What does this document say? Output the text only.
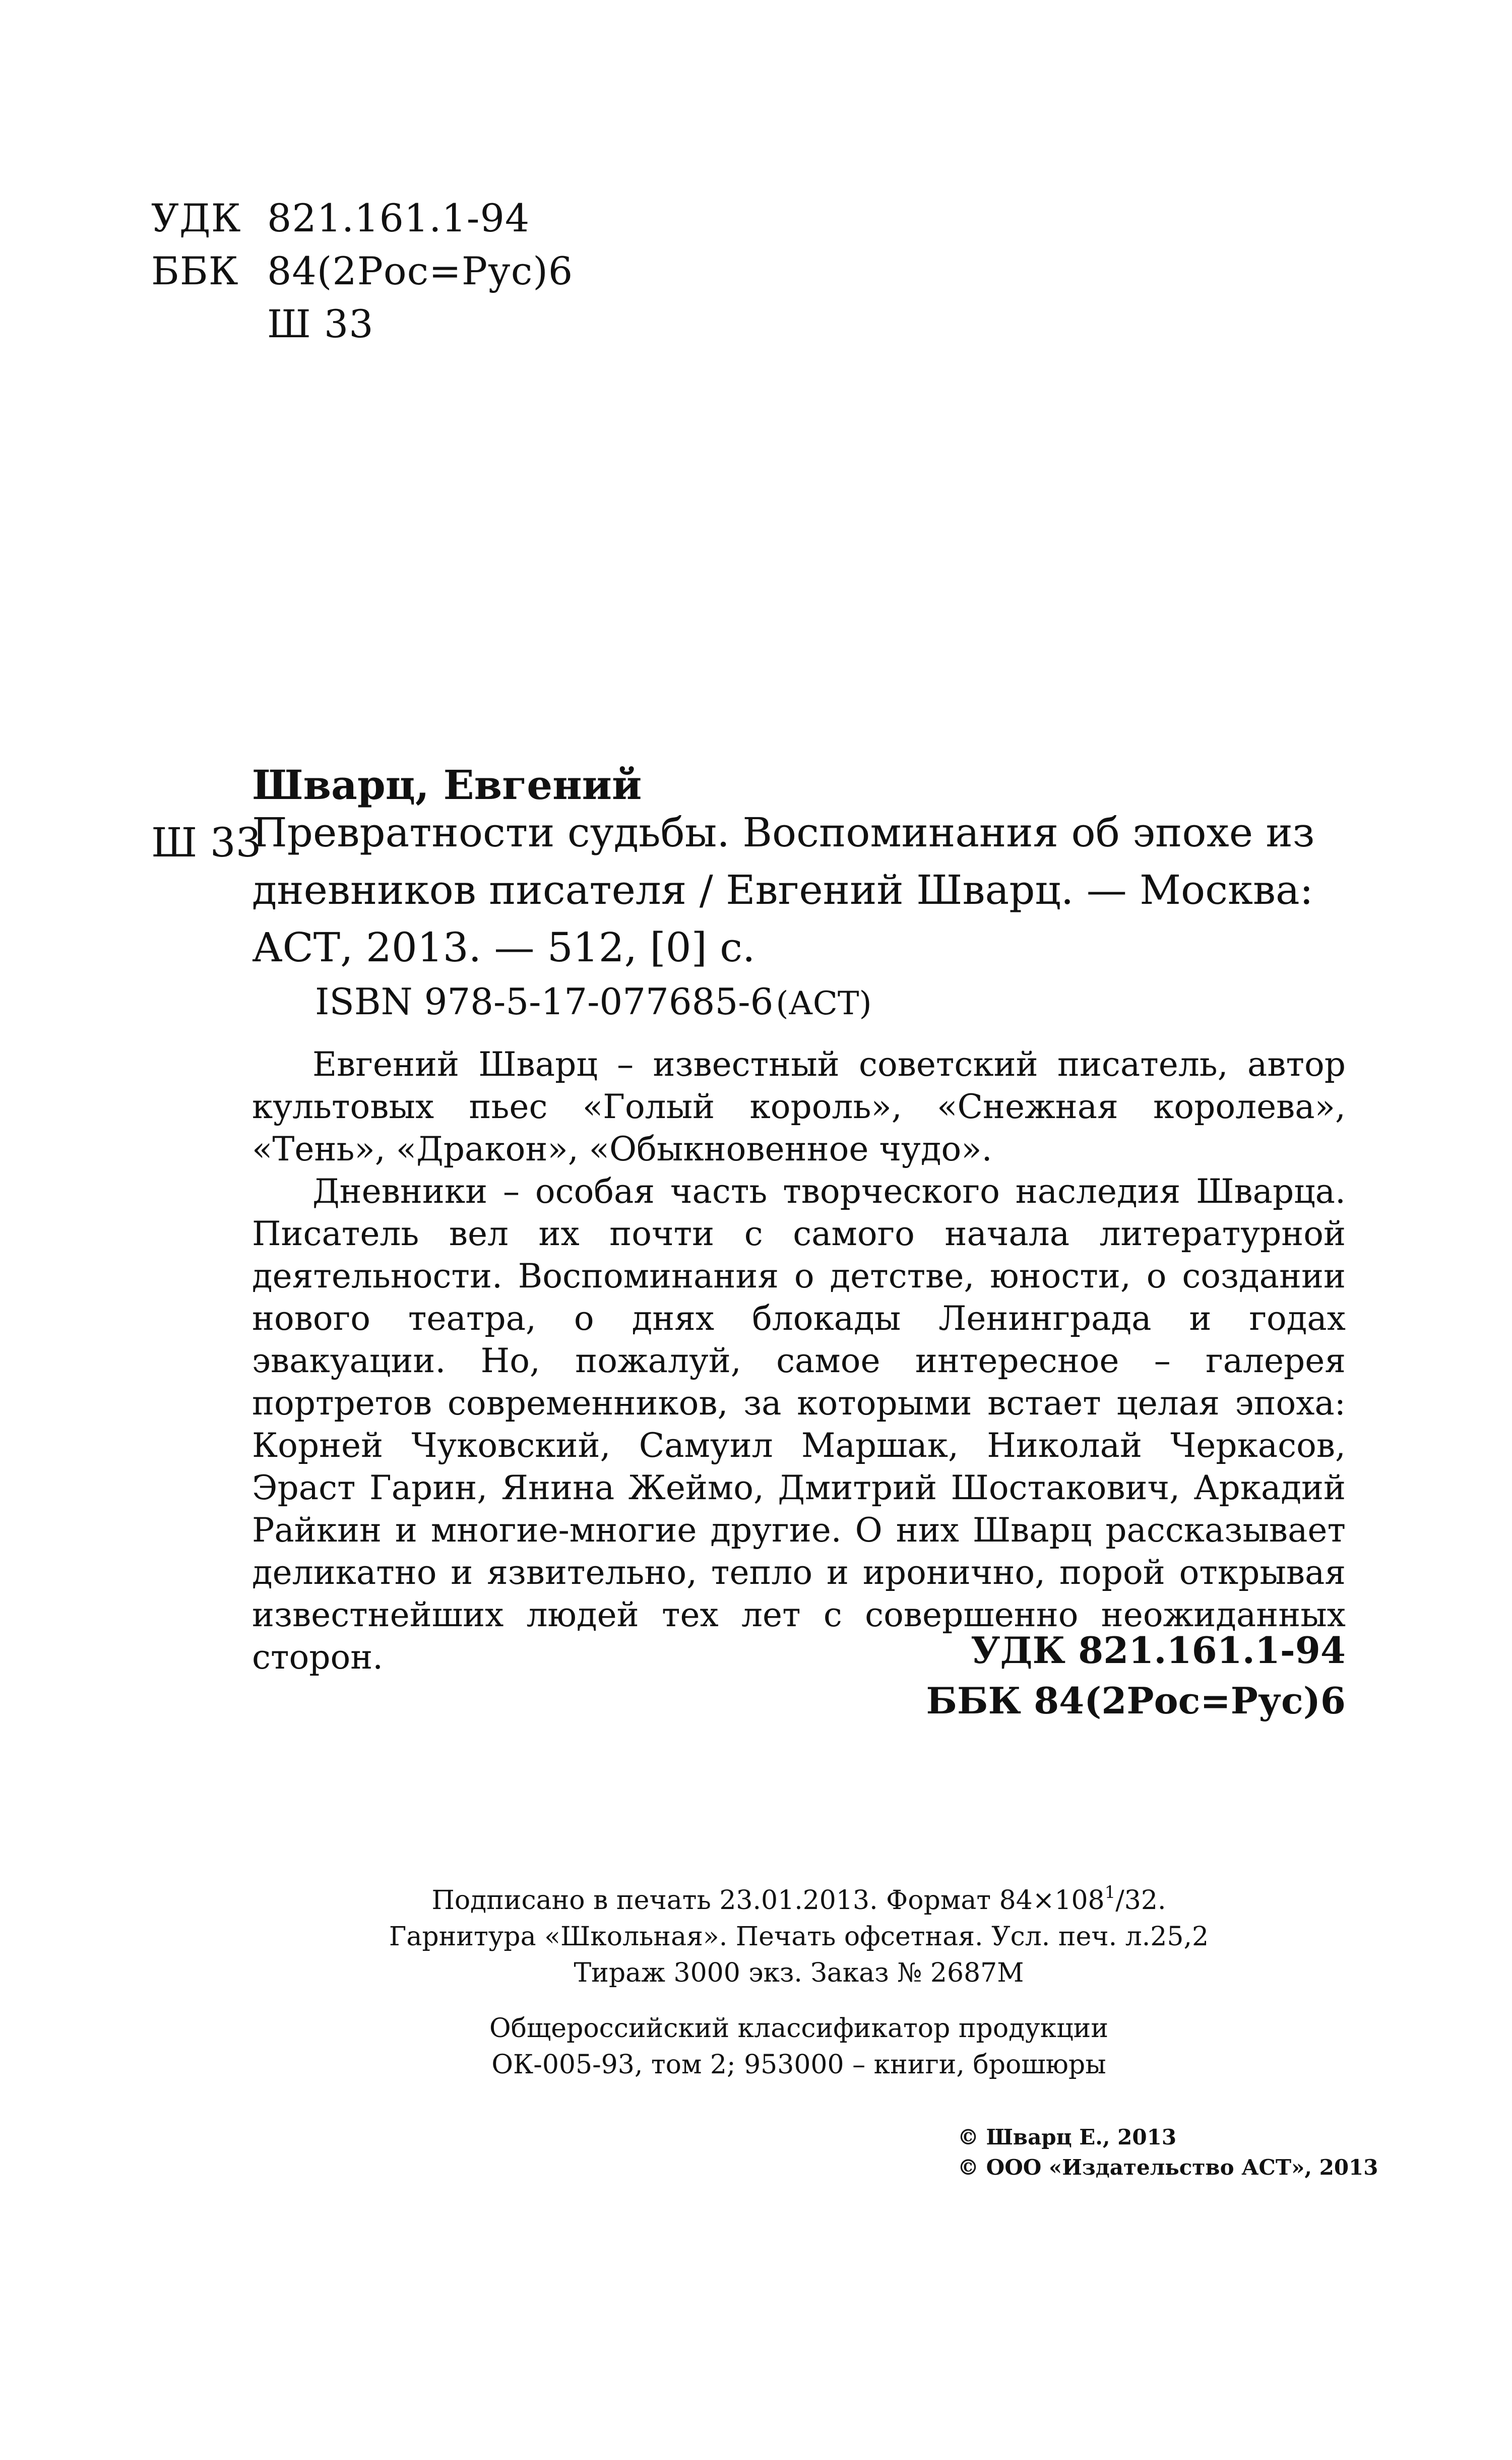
УДК 821.161.1-94
ББК 84(2Рос=Рус)6
Ш 33
Шварц, Евгений
Ш 33
Превратности судьбы. Воспоминания об эпохе из
дневников писателя / Евгений Шварц. — Москва:
АСТ, 2013. — 512, [0] с.
ISBN 978-5-17-077685-6 (АСТ)

Евгений Шварц – известный советский писатель, автор культовых пьес «Голый король», «Снежная королева», «Тень», «Дракон», «Обыкновенное чудо».

Дневники – особая часть творческого наследия Шварца. Писатель вел их почти с самого начала литературной деятельности. Воспоминания о детстве, юности, о создании нового театра, о днях блокады Ленинграда и годах эвакуации. Но, пожалуй, самое интересное – галерея портретов современников, за которыми встает целая эпоха: Корней Чуковский, Самуил Маршак, Николай Черкасов, Эраст Гарин, Янина Жеймо, Дмитрий Шостакович, Аркадий Райкин и многие-многие другие. О них Шварц рассказывает деликатно и язвительно, тепло и иронично, порой открывая известнейших людей тех лет с совершенно неожиданных сторон.	УДК 821.161.1-94
ББК 84(2Рос=Рус)6
Подписано в печать 23.01.2013. Формат $84\times 108^1/32$.
Гарнитура «Школьная». Печать офсетная. Усл. печ. л.25,2
Тираж 3000 экз. Заказ № 2687М
Общероссийский классификатор продукции
ОК-005-93, том 2; 953000 – книги, брошюры
© Шварц Е., 2013
© ООО «Издательство АСТ», 2013
